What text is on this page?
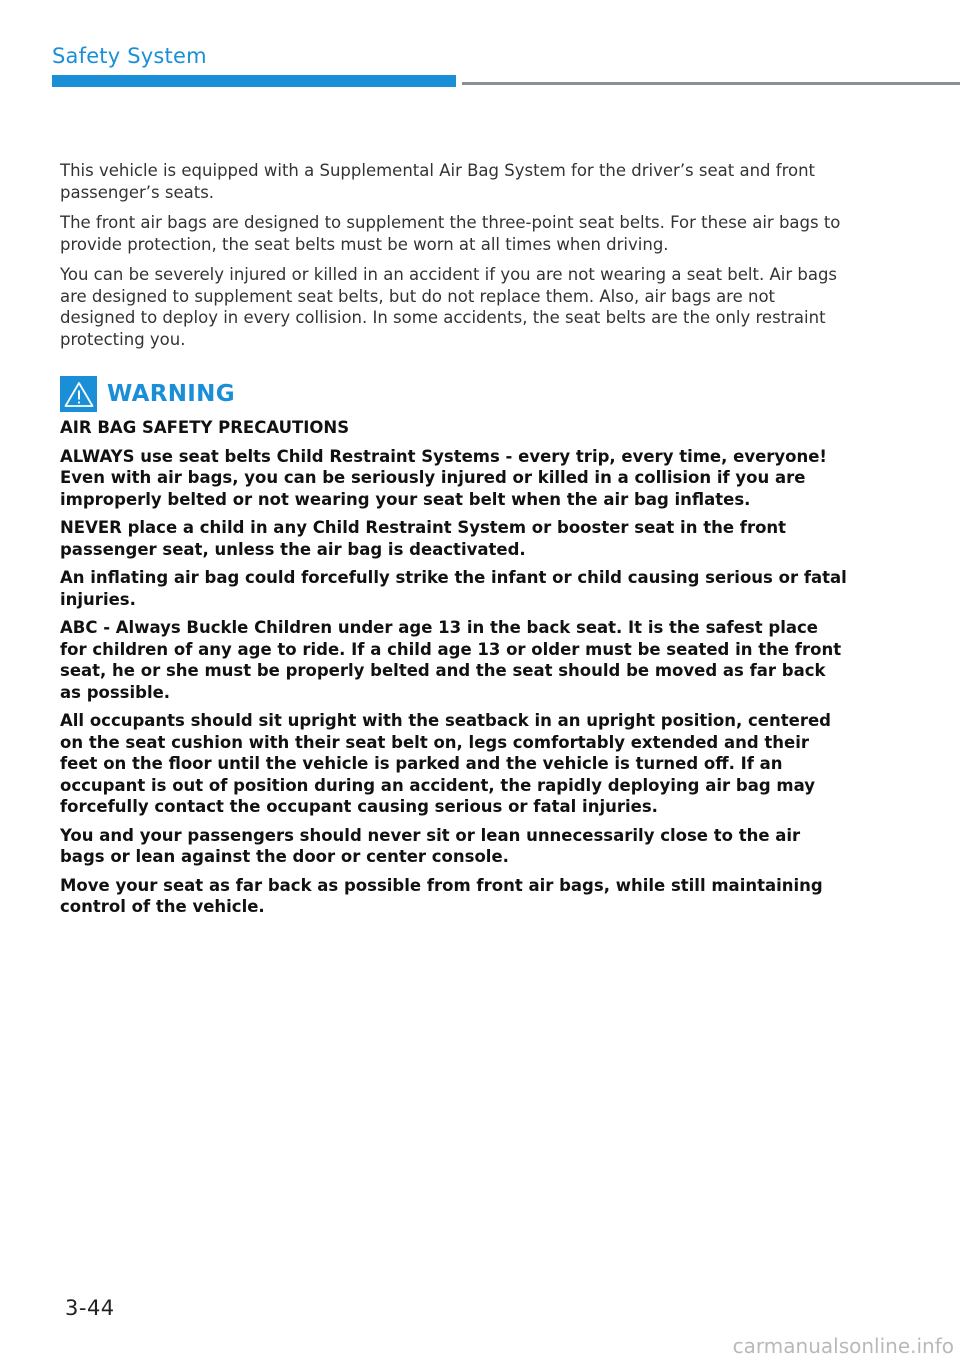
Safety System

This vehicle is equipped with a Supplemental Air Bag System for the driver’s seat and front passenger’s seats.

The front air bags are designed to supplement the three-point seat belts. For these air bags to provide protection, the seat belts must be worn at all times when driving.

You can be severely injured or killed in an accident if you are not wearing a seat belt. Air bags are designed to supplement seat belts, but do not replace them. Also, air bags are not designed to deploy in every collision. In some accidents, the seat belts are the only restraint protecting you.

WARNING

AIR BAG SAFETY PRECAUTIONS

ALWAYS use seat belts Child Restraint Systems - every trip, every time, everyone! Even with air bags, you can be seriously injured or killed in a collision if you are improperly belted or not wearing your seat belt when the air bag inflates.

NEVER place a child in any Child Restraint System or booster seat in the front passenger seat, unless the air bag is deactivated.

An inflating air bag could forcefully strike the infant or child causing serious or fatal injuries.

ABC - Always Buckle Children under age 13 in the back seat. It is the safest place for children of any age to ride. If a child age 13 or older must be seated in the front seat, he or she must be properly belted and the seat should be moved as far back as possible.

All occupants should sit upright with the seatback in an upright position, centered on the seat cushion with their seat belt on, legs comfortably extended and their feet on the floor until the vehicle is parked and the vehicle is turned off. If an occupant is out of position during an accident, the rapidly deploying air bag may forcefully contact the occupant causing serious or fatal injuries.

You and your passengers should never sit or lean unnecessarily close to the air bags or lean against the door or center console.

Move your seat as far back as possible from front air bags, while still maintaining control of the vehicle.

3-44
carmanualsonline.info
